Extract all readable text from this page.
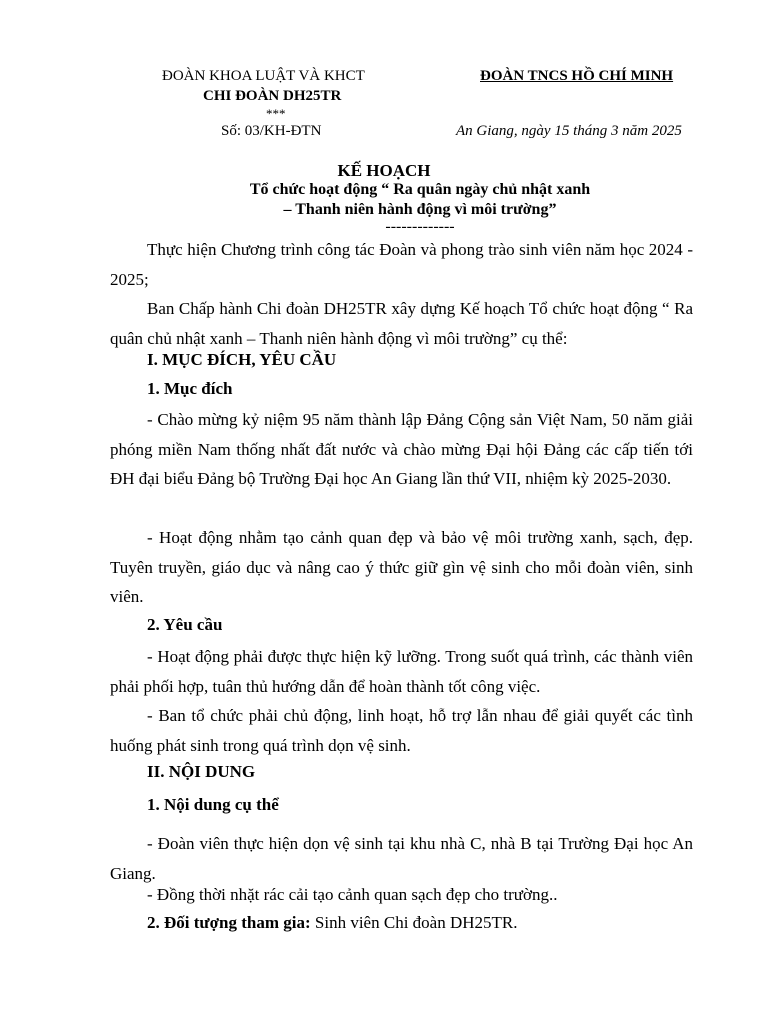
ĐOÀN KHOA LUẬT VÀ KHCT
CHI ĐOÀN DH25TR
***
ĐOÀN TNCS HỒ CHÍ MINH
Số: 03/KH-ĐTN	An Giang, ngày 15 tháng 3 năm 2025
KẾ HOẠCH
Tổ chức hoạt động “ Ra quân ngày chủ nhật xanh
– Thanh niên hành động vì môi trường”
-------------
Thực hiện Chương trình công tác Đoàn và phong trào sinh viên năm học 2024 - 2025;
Ban Chấp hành Chi đoàn DH25TR xây dựng Kế hoạch Tổ chức hoạt động “ Ra quân chủ nhật xanh – Thanh niên hành động vì môi trường” cụ thể:
I. MỤC ĐÍCH, YÊU CẦU
1. Mục đích
- Chào mừng kỷ niệm 95 năm thành lập Đảng Cộng sản Việt Nam, 50 năm giải phóng miền Nam thống nhất đất nước và chào mừng Đại hội Đảng các cấp tiến tới ĐH đại biểu Đảng bộ Trường Đại học An Giang lần thứ VII, nhiệm kỳ 2025-2030.
- Hoạt động nhằm tạo cảnh quan đẹp và bảo vệ môi trường xanh, sạch, đẹp. Tuyên truyền, giáo dục và nâng cao ý thức giữ gìn vệ sinh cho mỗi đoàn viên, sinh viên.
2. Yêu cầu
- Hoạt động phải được thực hiện kỹ lưỡng. Trong suốt quá trình, các thành viên phải phối hợp, tuân thủ hướng dẫn để hoàn thành tốt công việc.
- Ban tổ chức phải chủ động, linh hoạt, hỗ trợ lẫn nhau để giải quyết các tình huống phát sinh trong quá trình dọn vệ sinh.
II. NỘI DUNG
1. Nội dung cụ thể
- Đoàn viên thực hiện dọn vệ sinh tại khu nhà C, nhà B tại Trường Đại học An Giang.
- Đồng thời nhặt rác cải tạo cảnh quan sạch đẹp cho trường..
2. Đối tượng tham gia: Sinh viên Chi đoàn DH25TR.
